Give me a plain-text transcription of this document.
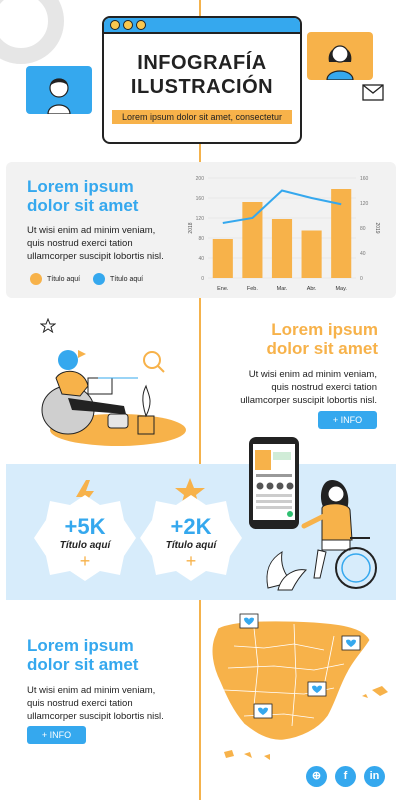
INFOGRAFÍA
ILUSTRACIÓN
Lorem ipsum dolor sit amet, consectetur
Lorem ipsum
dolor sit amet
Ut wisi enim ad minim veniam,
quis nostrud exerci tation
ullamcorper suscipit lobortis nisl.
Título aquí	Título aquí	0
40
80
120
160
200
0
40
80
120
160
2018	2019
Ene.	Feb.	Mar.	Abr.	May.
Lorem ipsum
dolor sit amet
Ut wisi enim ad minim veniam,
quis nostrud exerci tation
ullamcorper suscipit lobortis nisl.
+ INFO
+5K
Título aquí
+
+2K
Título aquí
+
Lorem ipsum
dolor sit amet
Ut wisi enim ad minim veniam,
quis nostrud exerci tation
ullamcorper suscipit lobortis nisl.
+ INFO
⊕	f	in
